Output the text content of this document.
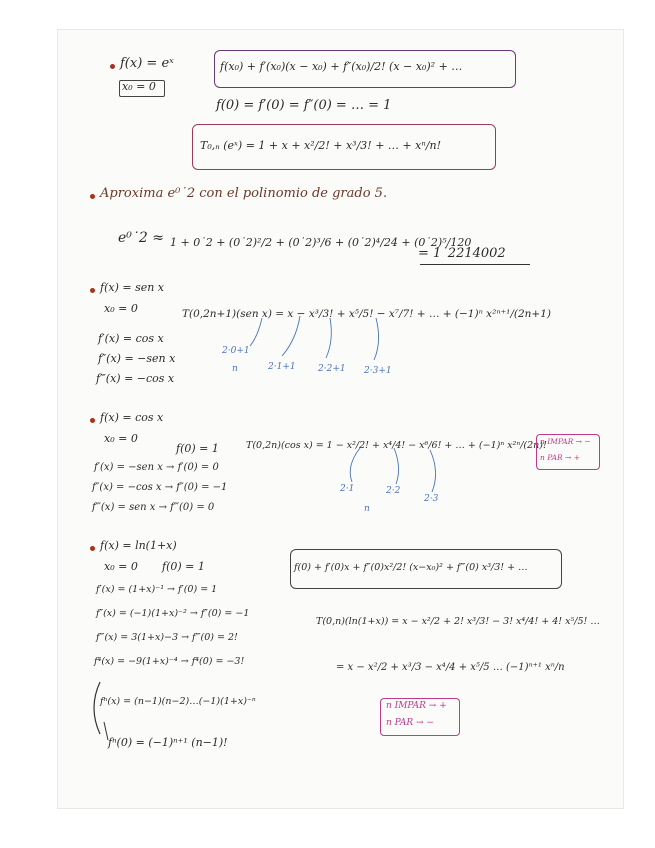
f(x) = eˣ
x₀ = 0
f(x₀) + f′(x₀)(x − x₀) + f″(x₀)/2! (x − x₀)² + …
f(0) = f′(0) = f″(0) = … = 1
T₀,ₙ (eˣ) = 1 + x + x²/2! + x³/3! + … + xⁿ/n!
Aproxima e⁰˙2 con el polinomio de grado 5.
e⁰˙2 ≈ 1 + 0˙2 + (0˙2)²/2 + (0˙2)³/6 + (0˙2)⁴/24 + (0˙2)⁵/120
= 1˙2214002
f(x) = sen x
x₀ = 0
f′(x) = cos x
f″(x) = −sen x
f‴(x) = −cos x
T(0,2n+1)(sen x) = x − x³/3! + x⁵/5! − x⁷/7! + … + (−1)ⁿ x²ⁿ⁺¹/(2n+1)
2·0+1
n	2·1+1 2·2+1 2·3+1
f(x) = cos x
x₀ = 0
f(0) = 1
f′(x) = −sen x → f′(0) = 0
f″(x) = −cos x → f″(0) = −1
f‴(x) = sen x → f‴(0) = 0
T(0,2n)(cos x) = 1 − x²/2! + x⁴/4! − x⁶/6! + … + (−1)ⁿ x²ⁿ/(2n)!
2·1
n
2·2
2·3
n IMPAR → −
n PAR → +
f(x) = ln(1+x)
x₀ = 0 f(0) = 1
f′(x) = (1+x)⁻¹ → f′(0) = 1
f″(x) = (−1)(1+x)⁻² → f″(0) = −1
f‴(x) = 3(1+x)−3 → f‴(0) = 2!
f⁴(x) = −9(1+x)⁻⁴ → f⁴(0) = −3!
fⁿ(x) = (n−1)(n−2)…(−1)(1+x)⁻ⁿ
fⁿ(0) = (−1)ⁿ⁺¹ (n−1)!
f(0) + f′(0)x + f″(0)x²/2! (x−x₀)² + f‴(0) x³/3! + …
T(0,n)(ln(1+x)) = x − x²/2 + 2! x³/3! − 3! x⁴/4! + 4! x⁵/5! …
= x − x²/2 + x³/3 − x⁴/4 + x⁵/5 … (−1)ⁿ⁺¹ xⁿ/n
n IMPAR → +
n PAR → −
